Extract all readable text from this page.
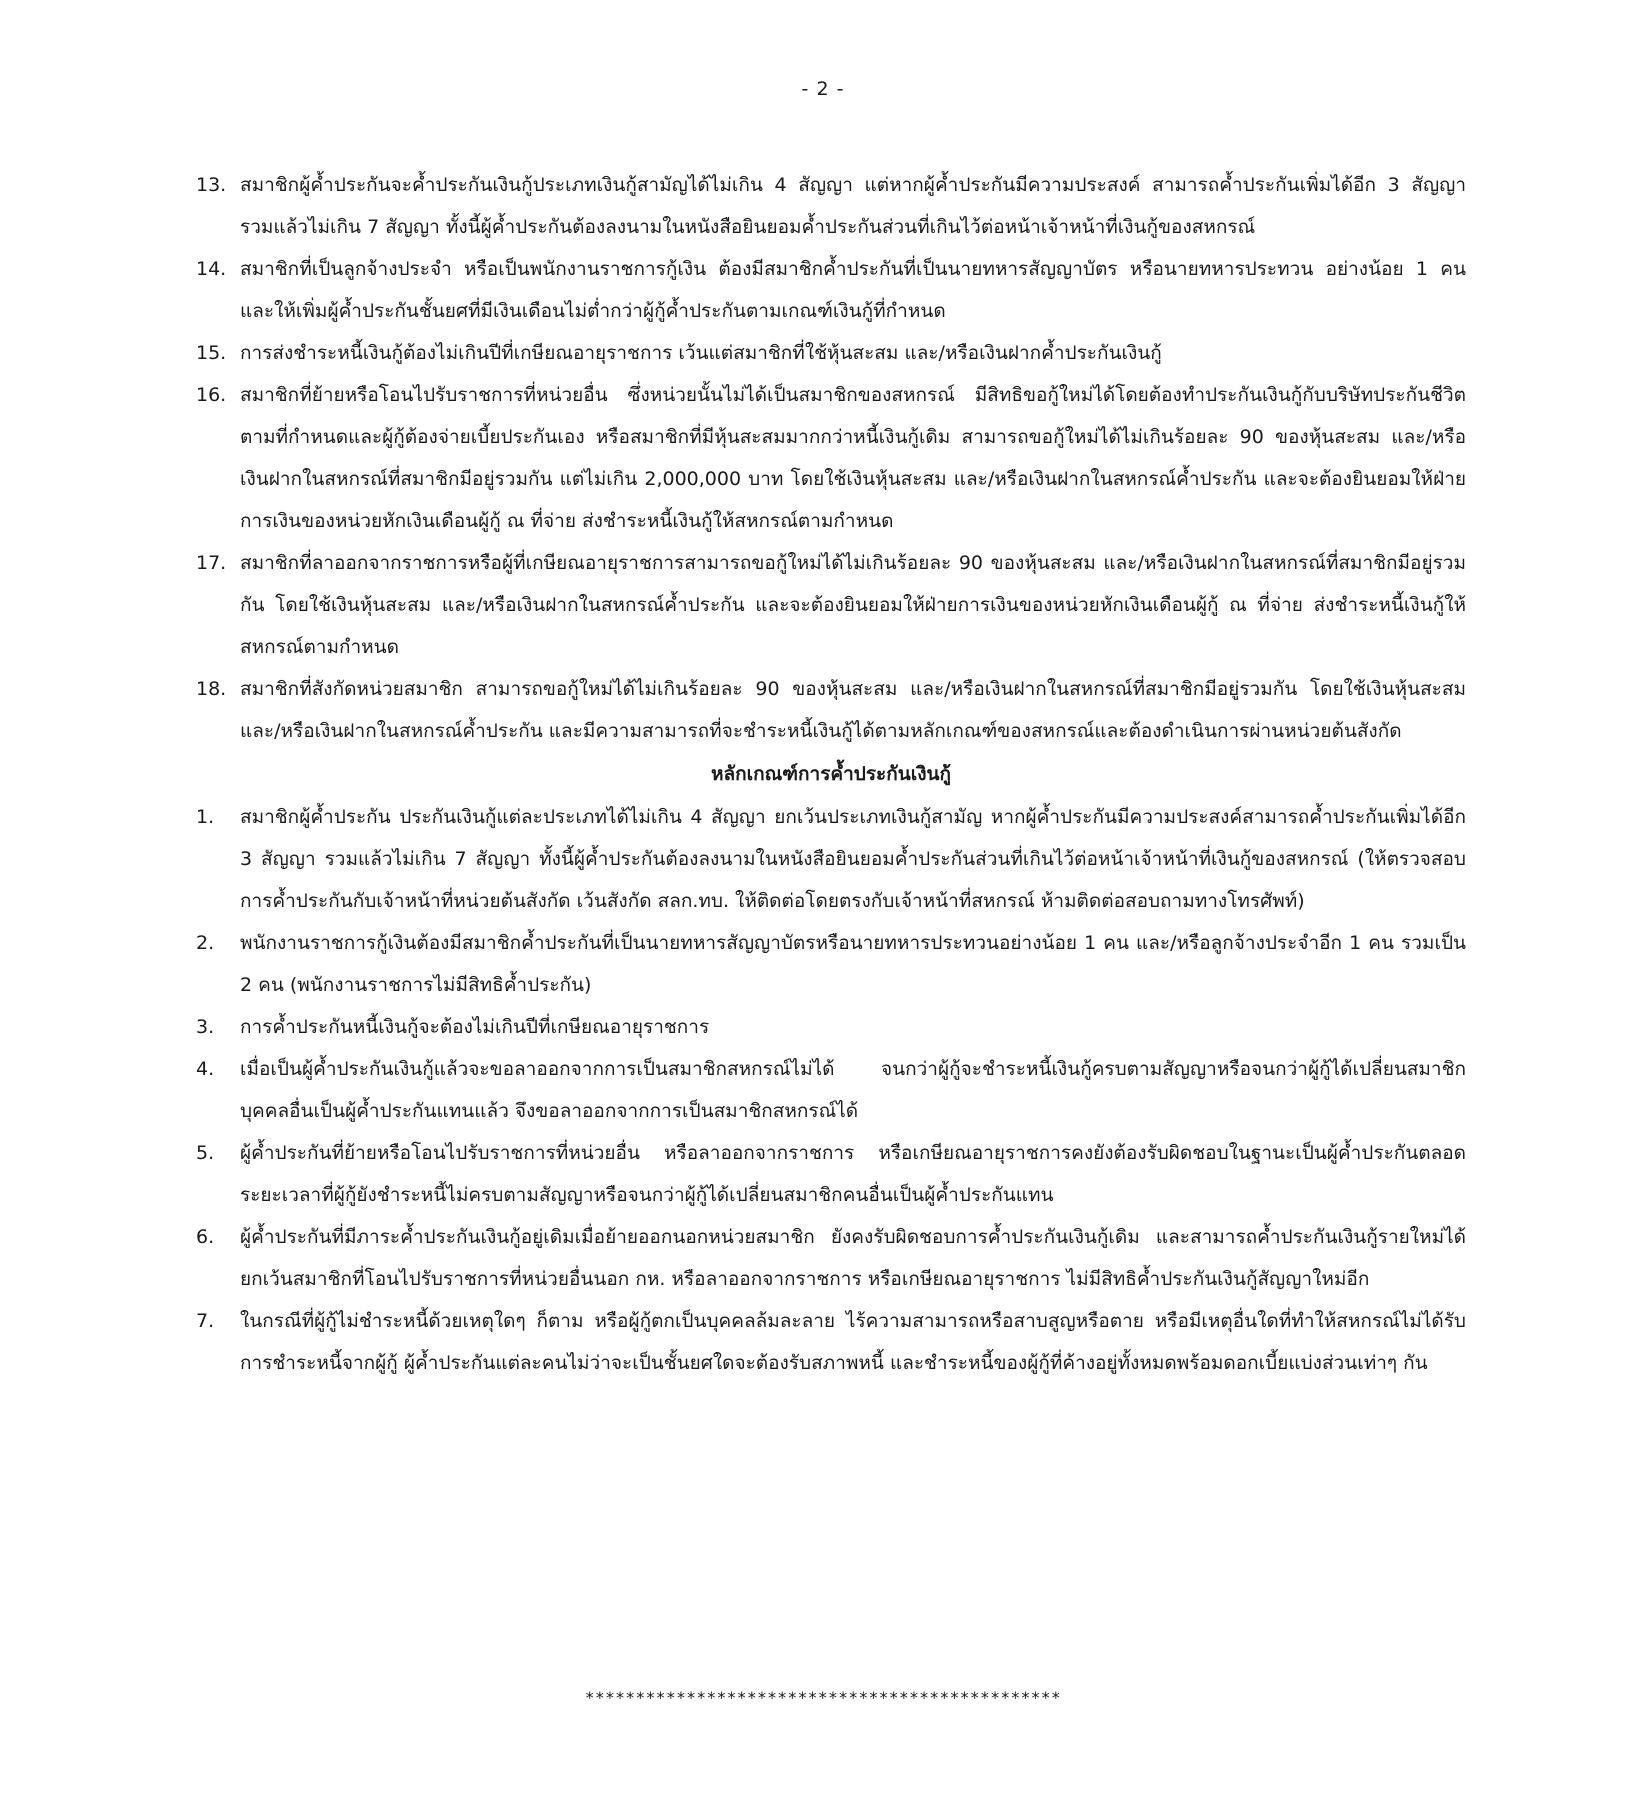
- 2 -
13. สมาชิกผู้ค้ำประกันจะค้ำประกันเงินกู้ประเภทเงินกู้สามัญได้ไม่เกิน 4 สัญญา แต่หากผู้ค้ำประกันมีความประสงค์ สามารถค้ำประกันเพิ่มได้อีก 3 สัญญา รวมแล้วไม่เกิน 7 สัญญา ทั้งนี้ผู้ค้ำประกันต้องลงนามในหนังสือยินยอมค้ำประกันส่วนที่เกินไว้ต่อหน้าเจ้าหน้าที่เงินกู้ของสหกรณ์
14. สมาชิกที่เป็นลูกจ้างประจำ หรือเป็นพนักงานราชการกู้เงิน ต้องมีสมาชิกค้ำประกันที่เป็นนายทหารสัญญาบัตร หรือนายทหารประทวน อย่างน้อย 1 คน และให้เพิ่มผู้ค้ำประกันชั้นยศที่มีเงินเดือนไม่ต่ำกว่าผู้กู้ค้ำประกันตามเกณฑ์เงินกู้ที่กำหนด
15. การส่งชำระหนี้เงินกู้ต้องไม่เกินปีที่เกษียณอายุราชการ เว้นแต่สมาชิกที่ใช้หุ้นสะสม และ/หรือเงินฝากค้ำประกันเงินกู้
16. สมาชิกที่ย้ายหรือโอนไปรับราชการที่หน่วยอื่น ซึ่งหน่วยนั้นไม่ได้เป็นสมาชิกของสหกรณ์ มีสิทธิขอกู้ใหม่ได้โดยต้องทำประกันเงินกู้กับบริษัทประกันชีวิตตามที่กำหนดและผู้กู้ต้องจ่ายเบี้ยประกันเอง หรือสมาชิกที่มีหุ้นสะสมมากกว่าหนี้เงินกู้เดิม สามารถขอกู้ใหม่ได้ไม่เกินร้อยละ 90 ของหุ้นสะสม และ/หรือเงินฝากในสหกรณ์ที่สมาชิกมีอยู่รวมกัน แต่ไม่เกิน 2,000,000 บาท โดยใช้เงินหุ้นสะสม และ/หรือเงินฝากในสหกรณ์ค้ำประกัน และจะต้องยินยอมให้ฝ่ายการเงินของหน่วยหักเงินเดือนผู้กู้ ณ ที่จ่าย ส่งชำระหนี้เงินกู้ให้สหกรณ์ตามกำหนด
17. สมาชิกที่ลาออกจากราชการหรือผู้ที่เกษียณอายุราชการสามารถขอกู้ใหม่ได้ไม่เกินร้อยละ 90 ของหุ้นสะสม และ/หรือเงินฝากในสหกรณ์ที่สมาชิกมีอยู่รวมกัน โดยใช้เงินหุ้นสะสม และ/หรือเงินฝากในสหกรณ์ค้ำประกัน และจะต้องยินยอมให้ฝ่ายการเงินของหน่วยหักเงินเดือนผู้กู้ ณ ที่จ่าย ส่งชำระหนี้เงินกู้ให้สหกรณ์ตามกำหนด
18. สมาชิกที่สังกัดหน่วยสมาชิก สามารถขอกู้ใหม่ได้ไม่เกินร้อยละ 90 ของหุ้นสะสม และ/หรือเงินฝากในสหกรณ์ที่สมาชิกมีอยู่รวมกัน โดยใช้เงินหุ้นสะสม และ/หรือเงินฝากในสหกรณ์ค้ำประกัน และมีความสามารถที่จะชำระหนี้เงินกู้ได้ตามหลักเกณฑ์ของสหกรณ์และต้องดำเนินการผ่านหน่วยต้นสังกัด
หลักเกณฑ์การค้ำประกันเงินกู้
1.	สมาชิกผู้ค้ำประกัน ประกันเงินกู้แต่ละประเภทได้ไม่เกิน 4 สัญญา ยกเว้นประเภทเงินกู้สามัญ หากผู้ค้ำประกันมีความประสงค์สามารถค้ำประกันเพิ่มได้อีก 3 สัญญา รวมแล้วไม่เกิน 7 สัญญา ทั้งนี้ผู้ค้ำประกันต้องลงนามในหนังสือยินยอมค้ำประกันส่วนที่เกินไว้ต่อหน้าเจ้าหน้าที่เงินกู้ของสหกรณ์ (ให้ตรวจสอบการค้ำประกันกับเจ้าหน้าที่หน่วยต้นสังกัด เว้นสังกัด สลก.ทบ. ให้ติดต่อโดยตรงกับเจ้าหน้าที่สหกรณ์ ห้ามติดต่อสอบถามทางโทรศัพท์)
2.	พนักงานราชการกู้เงินต้องมีสมาชิกค้ำประกันที่เป็นนายทหารสัญญาบัตรหรือนายทหารประทวนอย่างน้อย 1 คน และ/หรือลูกจ้างประจำอีก 1 คน รวมเป็น 2 คน (พนักงานราชการไม่มีสิทธิค้ำประกัน)
3.	การค้ำประกันหนี้เงินกู้จะต้องไม่เกินปีที่เกษียณอายุราชการ
4.	เมื่อเป็นผู้ค้ำประกันเงินกู้แล้วจะขอลาออกจากการเป็นสมาชิกสหกรณ์ไม่ได้ จนกว่าผู้กู้จะชำระหนี้เงินกู้ครบตามสัญญาหรือจนกว่าผู้กู้ได้เปลี่ยนสมาชิกบุคคลอื่นเป็นผู้ค้ำประกันแทนแล้ว จึงขอลาออกจากการเป็นสมาชิกสหกรณ์ได้
5.	ผู้ค้ำประกันที่ย้ายหรือโอนไปรับราชการที่หน่วยอื่น หรือลาออกจากราชการ หรือเกษียณอายุราชการคงยังต้องรับผิดชอบในฐานะเป็นผู้ค้ำประกันตลอดระยะเวลาที่ผู้กู้ยังชำระหนี้ไม่ครบตามสัญญาหรือจนกว่าผู้กู้ได้เปลี่ยนสมาชิกคนอื่นเป็นผู้ค้ำประกันแทน
6.	ผู้ค้ำประกันที่มีภาระค้ำประกันเงินกู้อยู่เดิมเมื่อย้ายออกนอกหน่วยสมาชิก ยังคงรับผิดชอบการค้ำประกันเงินกู้เดิม และสามารถค้ำประกันเงินกู้รายใหม่ได้ ยกเว้นสมาชิกที่โอนไปรับราชการที่หน่วยอื่นนอก กห. หรือลาออกจากราชการ หรือเกษียณอายุราชการ ไม่มีสิทธิค้ำประกันเงินกู้สัญญาใหม่อีก
7.	ในกรณีที่ผู้กู้ไม่ชำระหนี้ด้วยเหตุใดๆ ก็ตาม หรือผู้กู้ตกเป็นบุคคลล้มละลาย ไร้ความสามารถหรือสาบสูญหรือตาย หรือมีเหตุอื่นใดที่ทำให้สหกรณ์ไม่ได้รับการชำระหนี้จากผู้กู้ ผู้ค้ำประกันแต่ละคนไม่ว่าจะเป็นชั้นยศใดจะต้องรับสภาพหนี้ และชำระหนี้ของผู้กู้ที่ค้างอยู่ทั้งหมดพร้อมดอกเบี้ยแบ่งส่วนเท่าๆ กัน
***********************************************
